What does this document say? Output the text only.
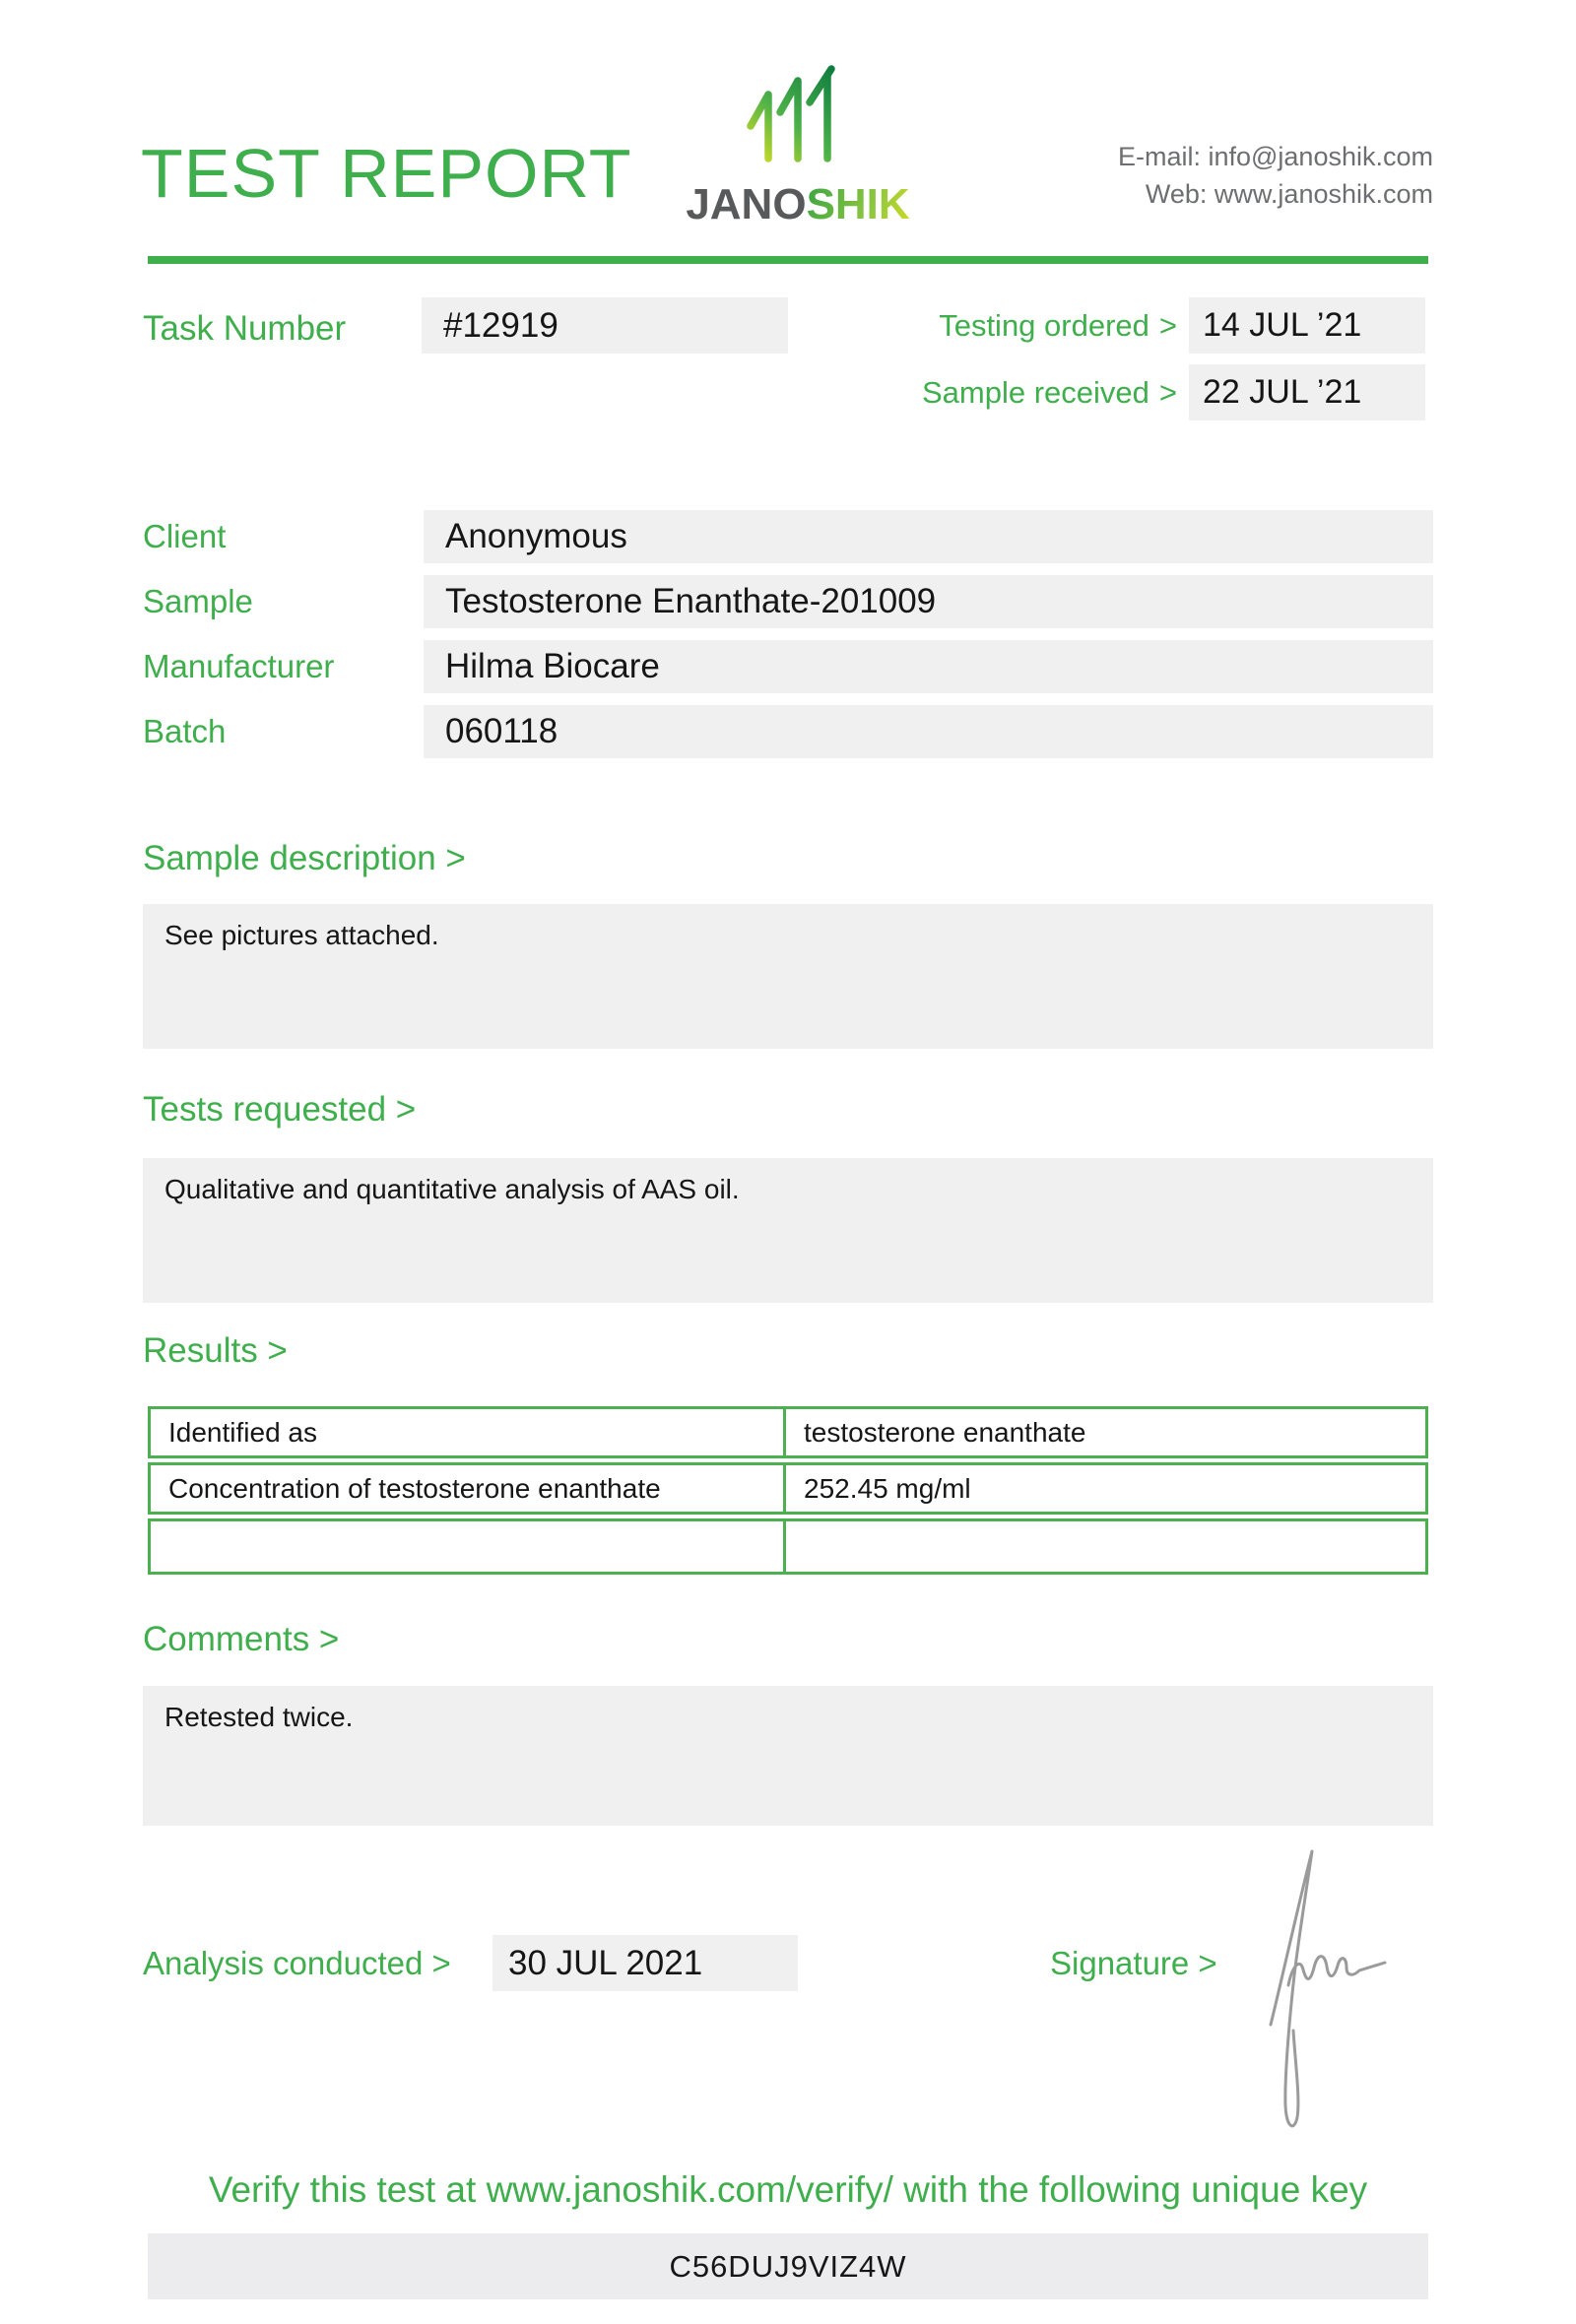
TEST REPORT JANOSHIK
E-mail: info@janoshik.com
Web: www.janoshik.com
Task Number	#12919	Testing ordered > 14 JUL ’21
Sample received > 22 JUL ’21
Client	Anonymous
Sample	Testosterone Enanthate-201009
Manufacturer	Hilma Biocare
Batch	060118
Sample description >
See pictures attached.
Tests requested >
Qualitative and quantitative analysis of AAS oil.
Results >
Identified as	testosterone enanthate
Concentration of testosterone enanthate	252.45 mg/ml
Comments >
Retested twice.
Analysis conducted >	30 JUL 2021	Signature >
Verify this test at www.janoshik.com/verify/ with the following unique key
C56DUJ9VIZ4W
